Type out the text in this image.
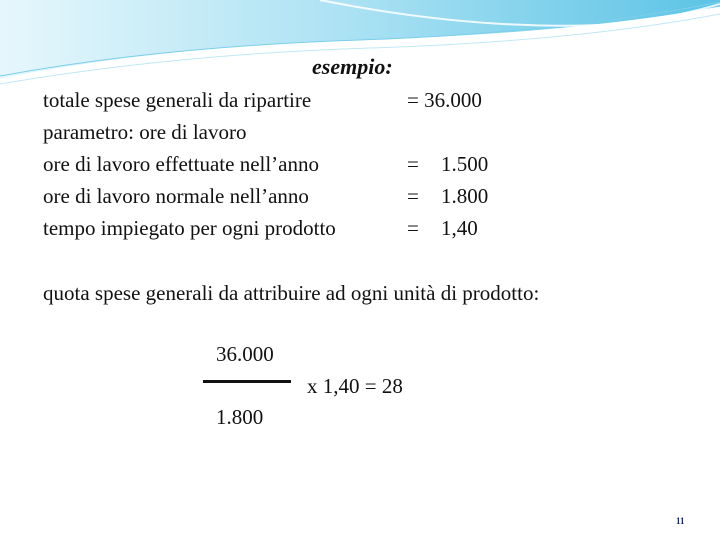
esempio:
totale spese generali da ripartire	= 36.000
parametro: ore di lavoro
ore di lavoro effettuate nell’anno	= 1.500
ore di lavoro normale nell’anno	= 1.800
tempo impiegato per ogni prodotto	= 1,40
quota spese generali da attribuire ad ogni unità di prodotto:
36.000
x 1,40 = 28
1.800
11
